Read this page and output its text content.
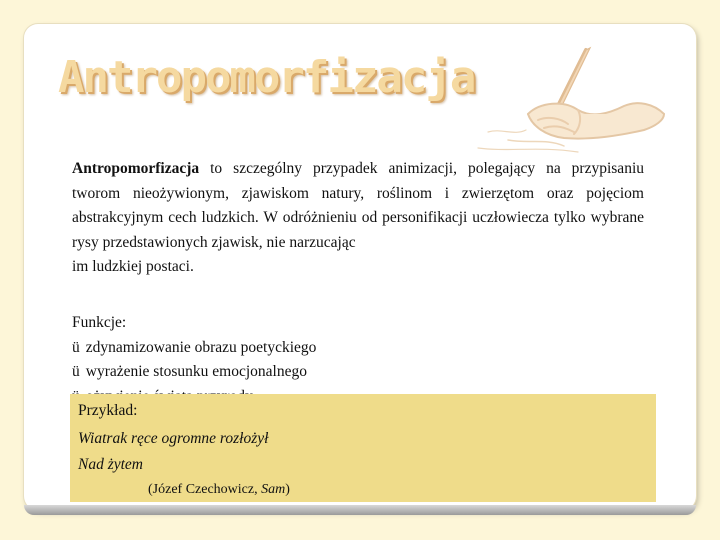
Antropomorfizacja
Antropomorfizacja to szczególny przypadek animizacji, polegający na przypisaniu tworom nieożywionym, zjawiskom natury, roślinom i zwierzętom oraz pojęciom abstrakcyjnym cech ludzkich. W odróżnieniu od personifikacji uczłowiecza tylko wybrane rysy przedstawionych zjawisk, nie narzucając
im ludzkiej postaci.
Funkcje:
ü zdynamizowanie obrazu poetyckiego
ü wyrażenie stosunku emocjonalnego
Przykład:
Wiatrak ręce ogromne rozłożył
Nad żytem
(Józef Czechowicz, Sam)
